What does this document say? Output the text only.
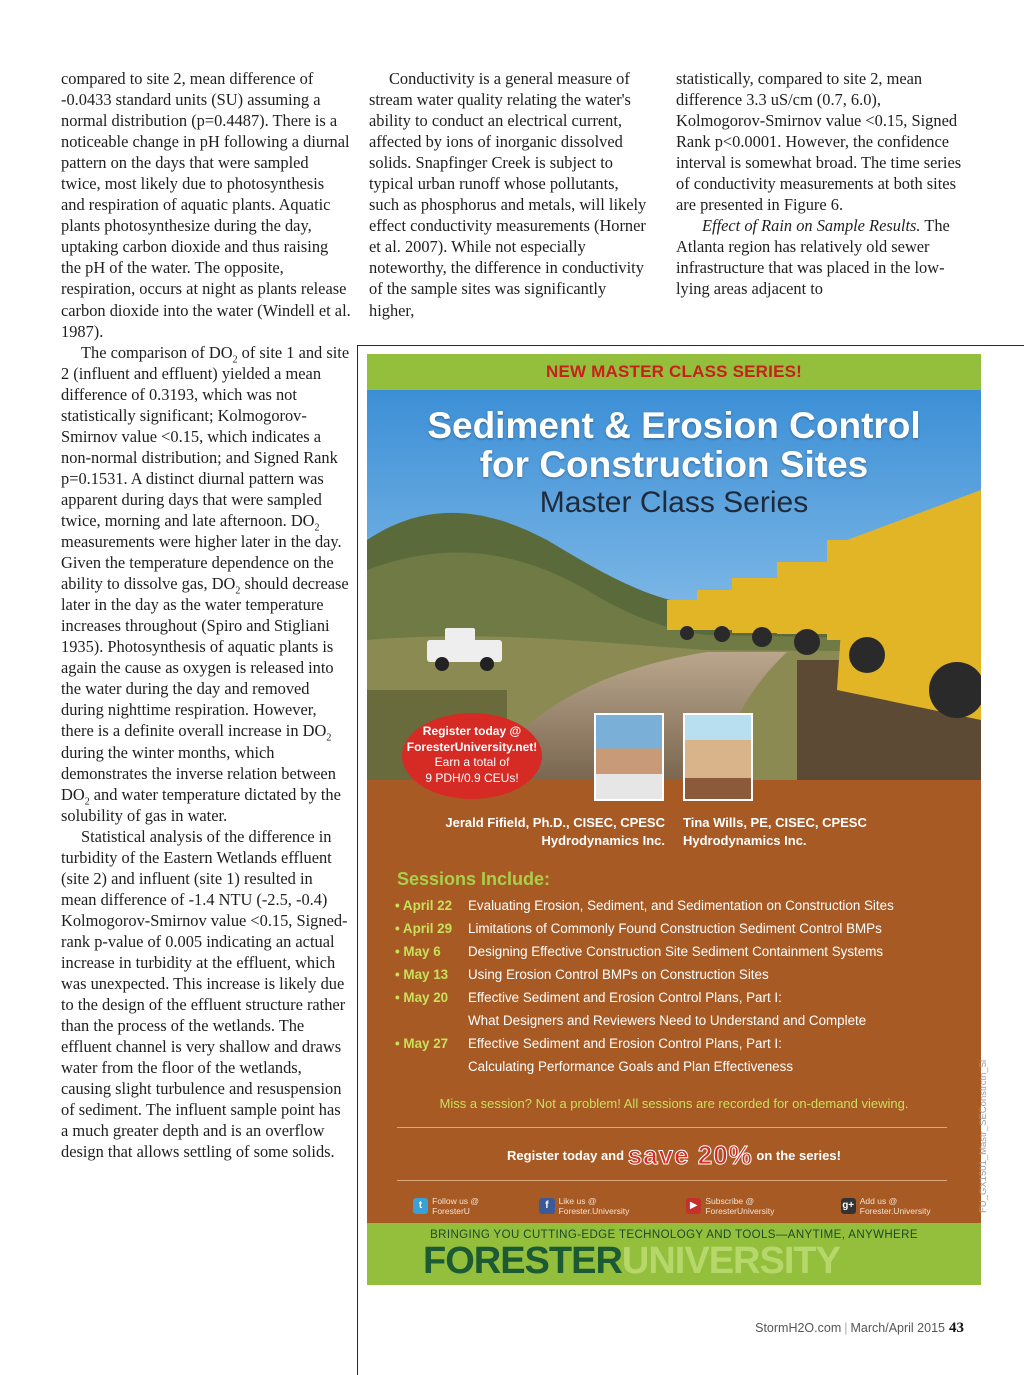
compared to site 2, mean difference of -0.0433 standard units (SU) assuming a normal distribution (p=0.4487). There is a noticeable change in pH following a diurnal pattern on the days that were sampled twice, most likely due to photosynthesis and respiration of aquatic plants. Aquatic plants photosynthesize during the day, uptaking carbon dioxide and thus raising the pH of the water. The opposite, respiration, occurs at night as plants release carbon dioxide into the water (Windell et al. 1987).

The comparison of $DO_2$ of site 1 and site 2 (influent and effluent) yielded a mean difference of 0.3193, which was not statistically significant; Kolmogorov-Smirnov value <0.15, which indicates a non-normal distribution; and Signed Rank p=0.1531. A distinct diurnal pattern was apparent during days that were sampled twice, morning and late afternoon. $DO_2$ measurements were higher later in the day. Given the temperature dependence on the ability to dissolve gas, $DO_2$ should decrease later in the day as the water temperature increases throughout (Spiro and Stigliani 1935). Photosynthesis of aquatic plants is again the cause as oxygen is released into the water during the day and removed during nighttime respiration. However, there is a definite overall increase in $DO_2$ during the winter months, which demonstrates the inverse relation between $DO_2$ and water temperature dictated by the solubility of gas in water.

Statistical analysis of the difference in turbidity of the Eastern Wetlands effluent (site 2) and influent (site 1) resulted in mean difference of -1.4 NTU (-2.5, -0.4) Kolmogorov-Smirnov value <0.15, Signed-rank p-value of 0.005 indicating an actual increase in turbidity at the effluent, which was unexpected. This increase is likely due to the design of the effluent structure rather than the process of the wetlands. The effluent channel is very shallow and draws water from the floor of the wetlands, causing slight turbulence and resuspension of sediment. The influent sample point has a much greater depth and is an overflow design that allows settling of some solids.

Conductivity is a general measure of stream water quality relating the water's ability to conduct an electrical current, affected by ions of inorganic dissolved solids. Snapfinger Creek is subject to typical urban runoff whose pollutants, such as phosphorus and metals, will likely effect conductivity measurements (Horner et al. 2007). While not especially noteworthy, the difference in conductivity of the sample sites was significantly higher,

statistically, compared to site 2, mean difference 3.3 uS/cm (0.7, 6.0), Kolmogorov-Smirnov value <0.15, Signed Rank p<0.0001. However, the confidence interval is somewhat broad. The time series of conductivity measurements at both sites are presented in Figure 6.

Effect of Rain on Sample Results. The Atlanta region has relatively old sewer infrastructure that was placed in the low-lying areas adjacent to

NEW MASTER CLASS SERIES!
Sediment & Erosion Control
for Construction Sites
Master Class Series
Register today @
ForesterUniversity.net!
Earn a total of
9 PDH/0.9 CEUs!
Jerald Fifield, Ph.D., CISEC, CPESC
Hydrodynamics Inc.
Tina Wills, PE, CISEC, CPESC
Hydrodynamics Inc.
Sessions Include:
• April 22 Evaluating Erosion, Sediment, and Sedimentation on Construction Sites
• April 29 Limitations of Commonly Found Construction Sediment Control BMPs
• May 6 Designing Effective Construction Site Sediment Containment Systems
• May 13 Using Erosion Control BMPs on Construction Sites
• May 20 Effective Sediment and Erosion Control Plans, Part I:
What Designers and Reviewers Need to Understand and Complete
• May 27 Effective Sediment and Erosion Control Plans, Part I:
Calculating Performance Goals and Plan Effectiveness
Miss a session? Not a problem! All sessions are recorded for on-demand viewing.
Register today and save 20% on the series!
t	Follow us @ ForesterU	f	Like us @ Forester.University	▶ Subscribe @ ForesterUniversity	g+ Add us @ Forester.University
BRINGING YOU CUTTING-EDGE TECHNOLOGY AND TOOLS—ANYTIME, ANYWHERE
FORESTERUNIVERSITY
FU_GX1501_Mastr_SEConstrctn_5i
StormH2O.com | March/April 2015 43
